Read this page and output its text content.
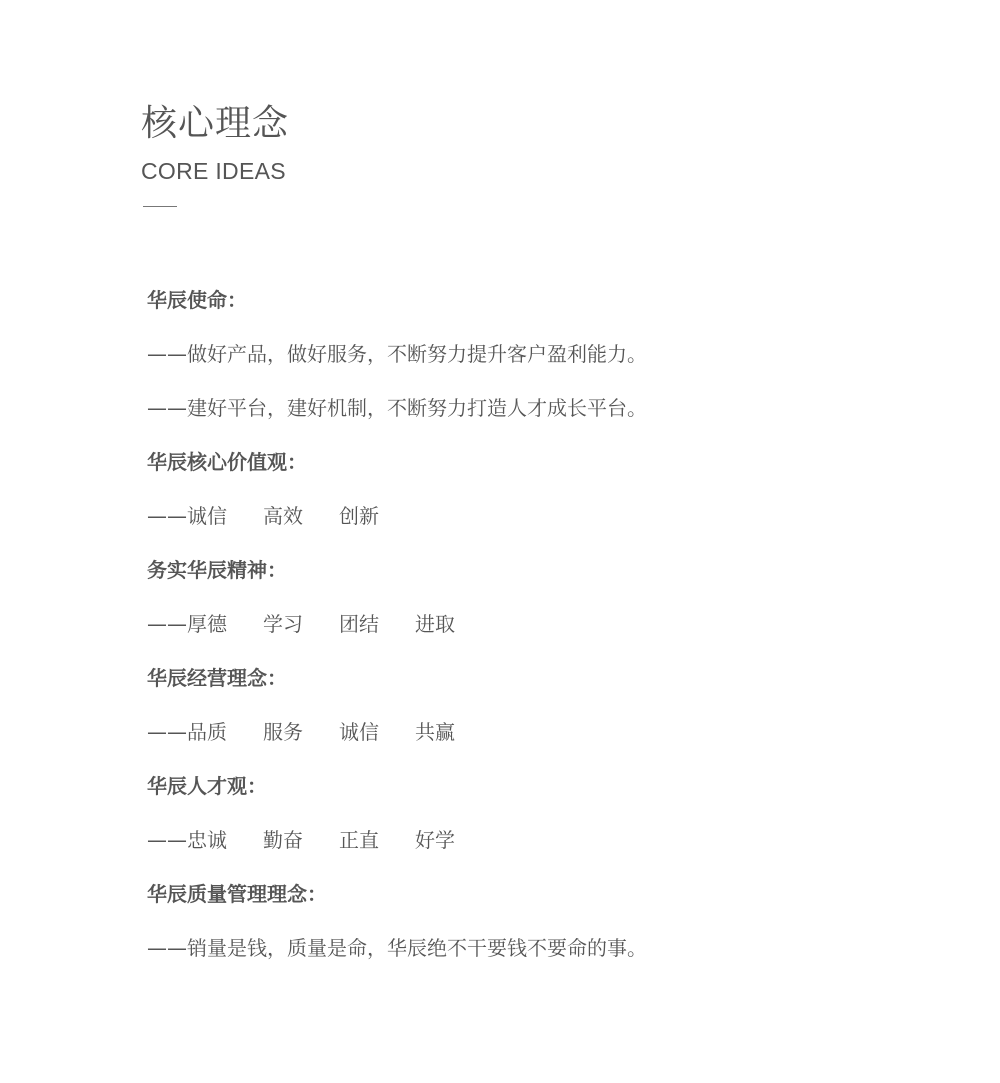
核心理念
CORE IDEAS
华辰使命：
——做好产品，做好服务，不断努力提升客户盈利能力。
——建好平台，建好机制，不断努力打造人才成长平台。
华辰核心价值观：
——诚信 高效 创新
务实华辰精神：
——厚德 学习 团结 进取
华辰经营理念：
——品质 服务 诚信 共赢
华辰人才观：
——忠诚 勤奋 正直 好学
华辰质量管理理念：
——销量是钱，质量是命，华辰绝不干要钱不要命的事。
